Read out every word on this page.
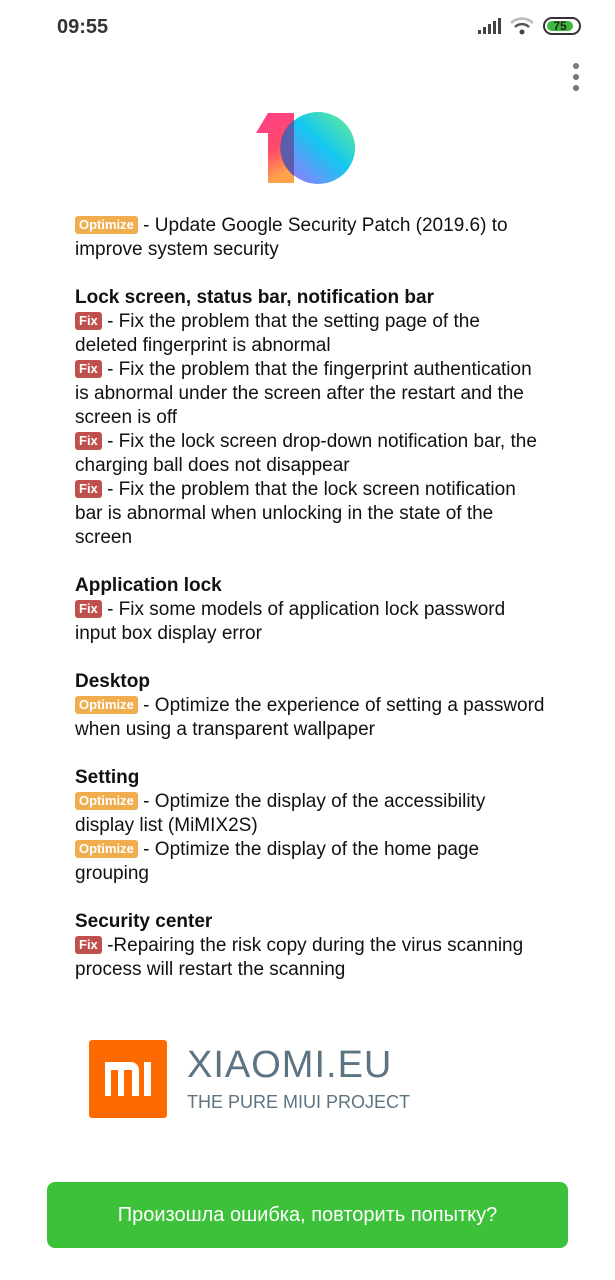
09:55	75
Optimize - Update Google Security Patch (2019.6) to improve system security
Lock screen, status bar, notification bar
Fix - Fix the problem that the setting page of the deleted fingerprint is abnormal
Fix - Fix the problem that the fingerprint authentication is abnormal under the screen after the restart and the screen is off
Fix - Fix the lock screen drop-down notification bar, the charging ball does not disappear
Fix - Fix the problem that the lock screen notification bar is abnormal when unlocking in the state of the screen
Application lock
Fix - Fix some models of application lock password input box display error
Desktop
Optimize - Optimize the experience of setting a password when using a transparent wallpaper
Setting
Optimize - Optimize the display of the accessibility display list (MiMIX2S)
Optimize - Optimize the display of the home page grouping
Security center
Fix -Repairing the risk copy during the virus scanning process will restart the scanning
XIAOMI.EU
THE PURE MIUI PROJECT
Произошла ошибка, повторить попытку?
